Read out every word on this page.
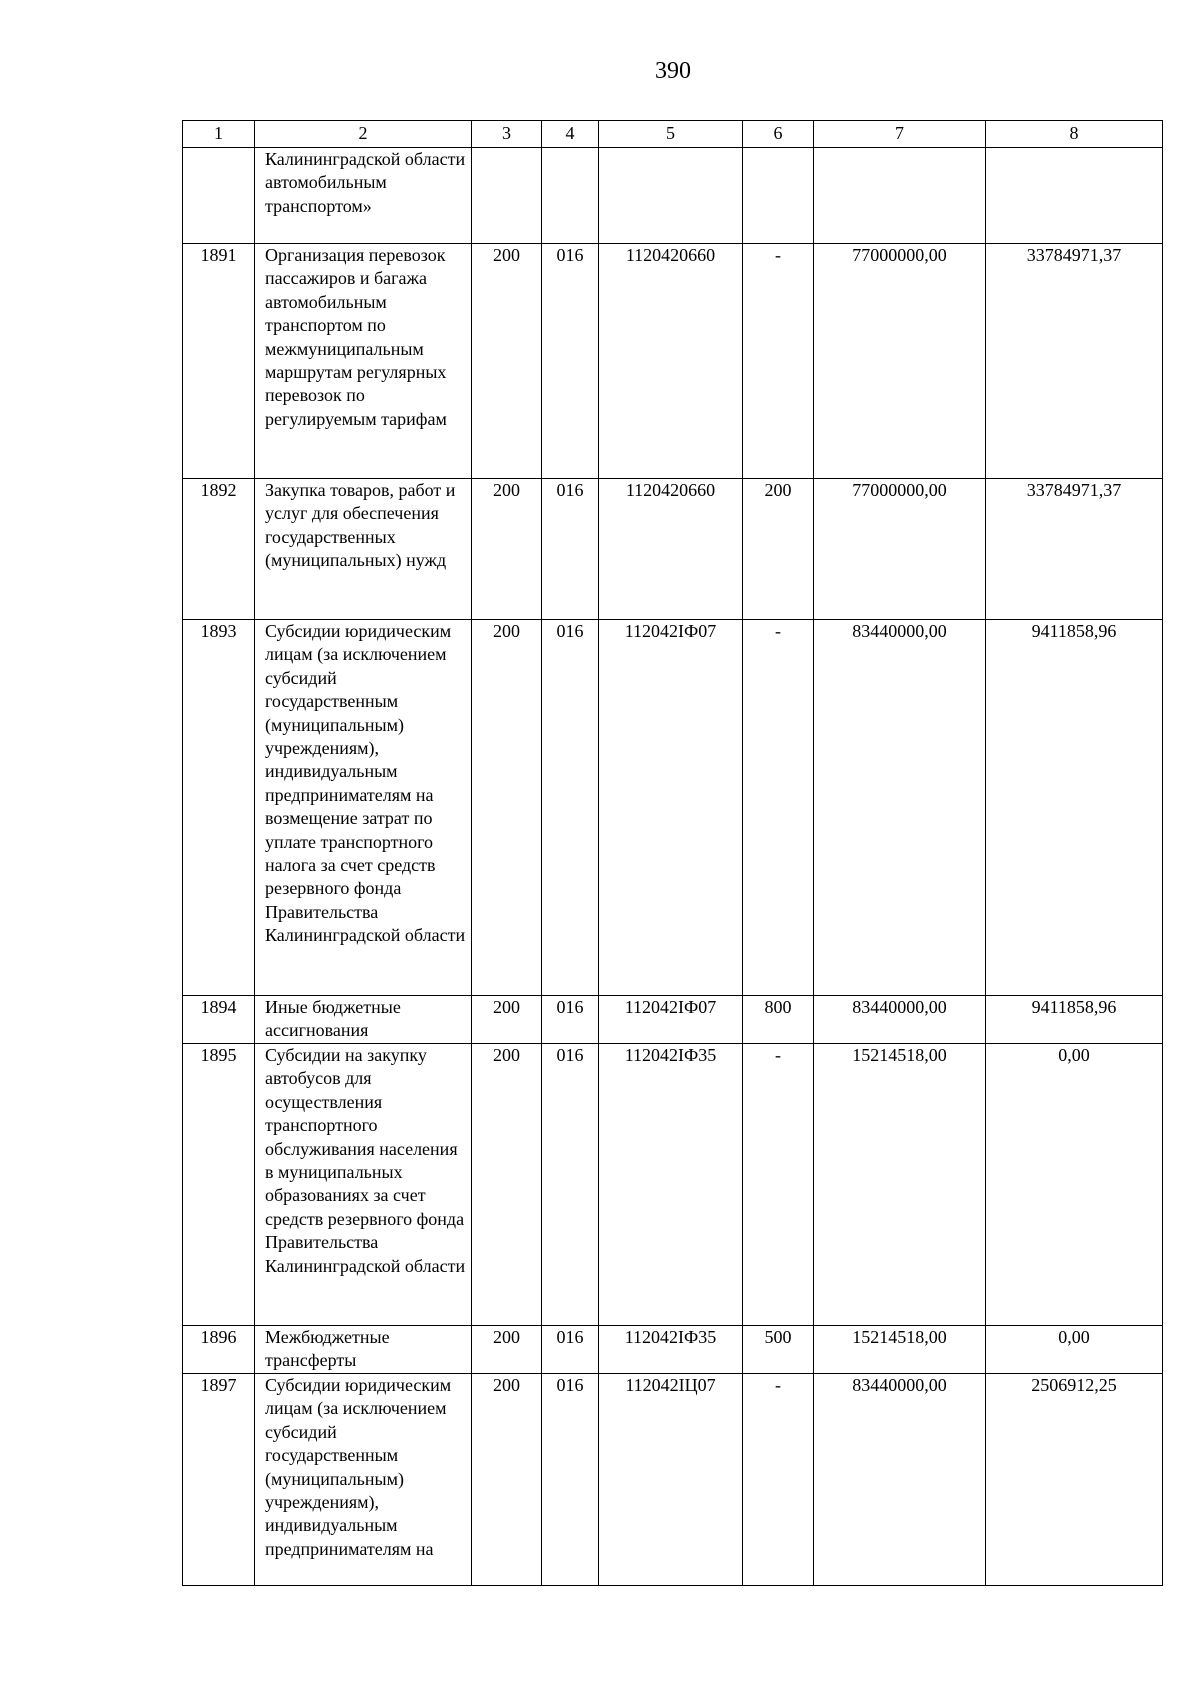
390
1	2	3	4	5	6	7	8
	Калининградской области автомобильным транспортом»						
1891	Организация перевозок пассажиров и багажа автомобильным транспортом по межмуниципальным маршрутам регулярных перевозок по регулируемым тарифам	200	016	1120420660	-	77000000,00	33784971,37
1892	Закупка товаров, работ и услуг для обеспечения государственных (муниципальных) нужд	200	016	1120420660	200	77000000,00	33784971,37
1893	Субсидии юридическим лицам (за исключением субсидий государственным (муниципальным) учреждениям), индивидуальным предпринимателям на возмещение затрат по уплате транспортного налога за счет средств резервного фонда Правительства Калининградской области	200	016	112042ІФ07	-	83440000,00	9411858,96
1894	Иные бюджетные ассигнования	200	016	112042ІФ07	800	83440000,00	9411858,96
1895	Субсидии на закупку автобусов для осуществления транспортного обслуживания населения в муниципальных образованиях за счет средств резервного фонда Правительства Калининградской области	200	016	112042ІФ35	-	15214518,00	0,00
1896	Межбюджетные трансферты	200	016	112042ІФ35	500	15214518,00	0,00
1897	Субсидии юридическим лицам (за исключением субсидий государственным (муниципальным) учреждениям), индивидуальным предпринимателям на	200	016	112042ІЦ07	-	83440000,00	2506912,25
